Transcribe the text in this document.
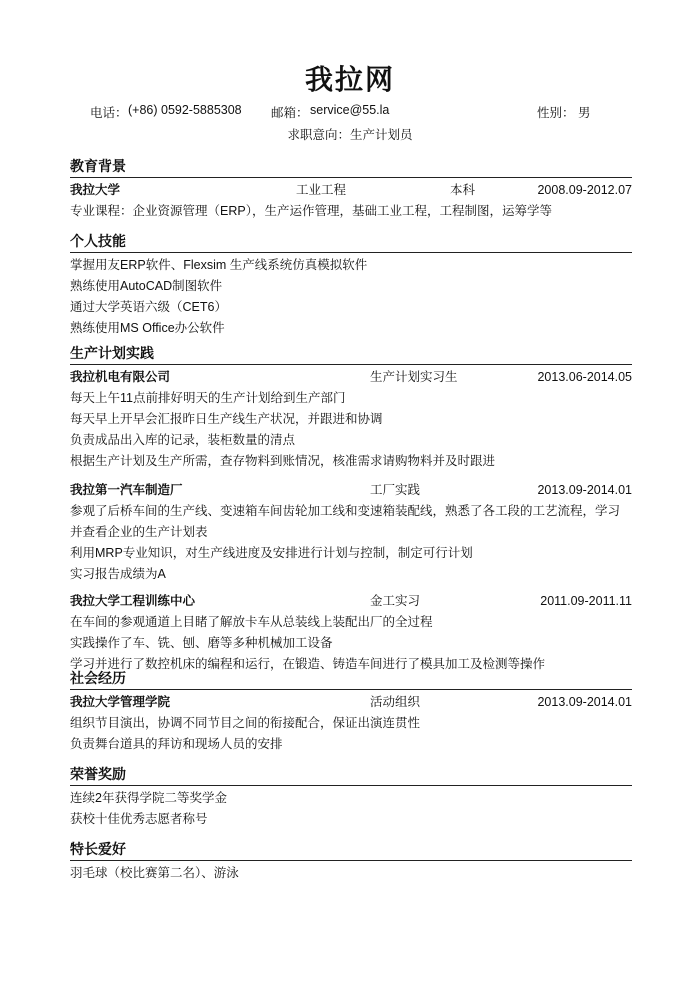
我拉网
电话： (+86) 0592-5885308 邮箱： service@55.la	性别： 男
求职意向：生产计划员
教育背景
我拉大学	工业工程	本科	2008.09-2012.07
专业课程：企业资源管理（ERP），生产运作管理，基础工业工程，工程制图，运筹学等
个人技能
掌握用友ERP软件、Flexsim 生产线系统仿真模拟软件
熟练使用AutoCAD制图软件
通过大学英语六级（CET6）
熟练使用MS Office办公软件
生产计划实践
我拉机电有限公司	生产计划实习生	2013.06-2014.05
每天上午11点前排好明天的生产计划给到生产部门
每天早上开早会汇报昨日生产线生产状况，并跟进和协调
负责成品出入库的记录，装柜数量的清点
根据生产计划及生产所需，查存物料到账情况，核准需求请购物料并及时跟进
我拉第一汽车制造厂	工厂实践	2013.09-2014.01
参观了后桥车间的生产线、变速箱车间齿轮加工线和变速箱装配线，熟悉了各工段的工艺流程，学习并查看企业的生产计划表
利用MRP专业知识，对生产线进度及安排进行计划与控制，制定可行计划
实习报告成绩为A
我拉大学工程训练中心	金工实习	2011.09-2011.11
在车间的参观通道上目睹了解放卡车从总装线上装配出厂的全过程
实践操作了车、铣、刨、磨等多种机械加工设备
学习并进行了数控机床的编程和运行，在锻造、铸造车间进行了模具加工及检测等操作
社会经历
我拉大学管理学院	活动组织	2013.09-2014.01
组织节目演出，协调不同节目之间的衔接配合，保证出演连贯性
负责舞台道具的拜访和现场人员的安排
荣誉奖励
连续2年获得学院二等奖学金
获校十佳优秀志愿者称号
特长爱好
羽毛球（校比赛第二名）、游泳
